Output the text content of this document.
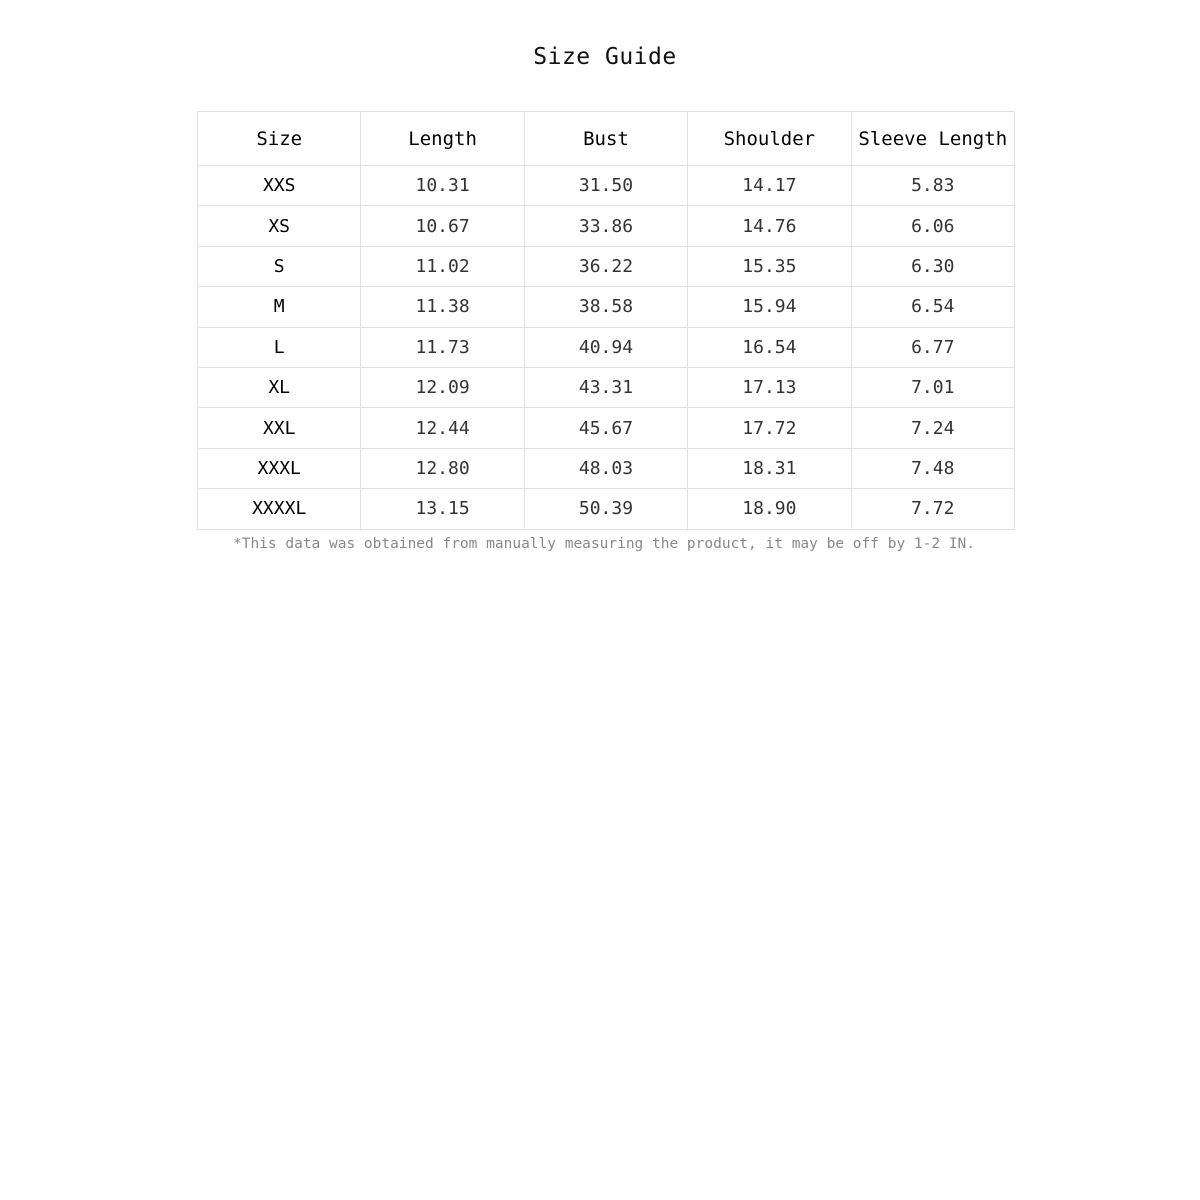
Size Guide
Size	Length	Bust	Shoulder	Sleeve Length
XXS	10.31	31.50	14.17	5.83
XS	10.67	33.86	14.76	6.06
S	11.02	36.22	15.35	6.30
M	11.38	38.58	15.94	6.54
L	11.73	40.94	16.54	6.77
XL	12.09	43.31	17.13	7.01
XXL	12.44	45.67	17.72	7.24
XXXL	12.80	48.03	18.31	7.48
XXXXL	13.15	50.39	18.90	7.72
*This data was obtained from manually measuring the product, it may be off by 1-2 IN.
